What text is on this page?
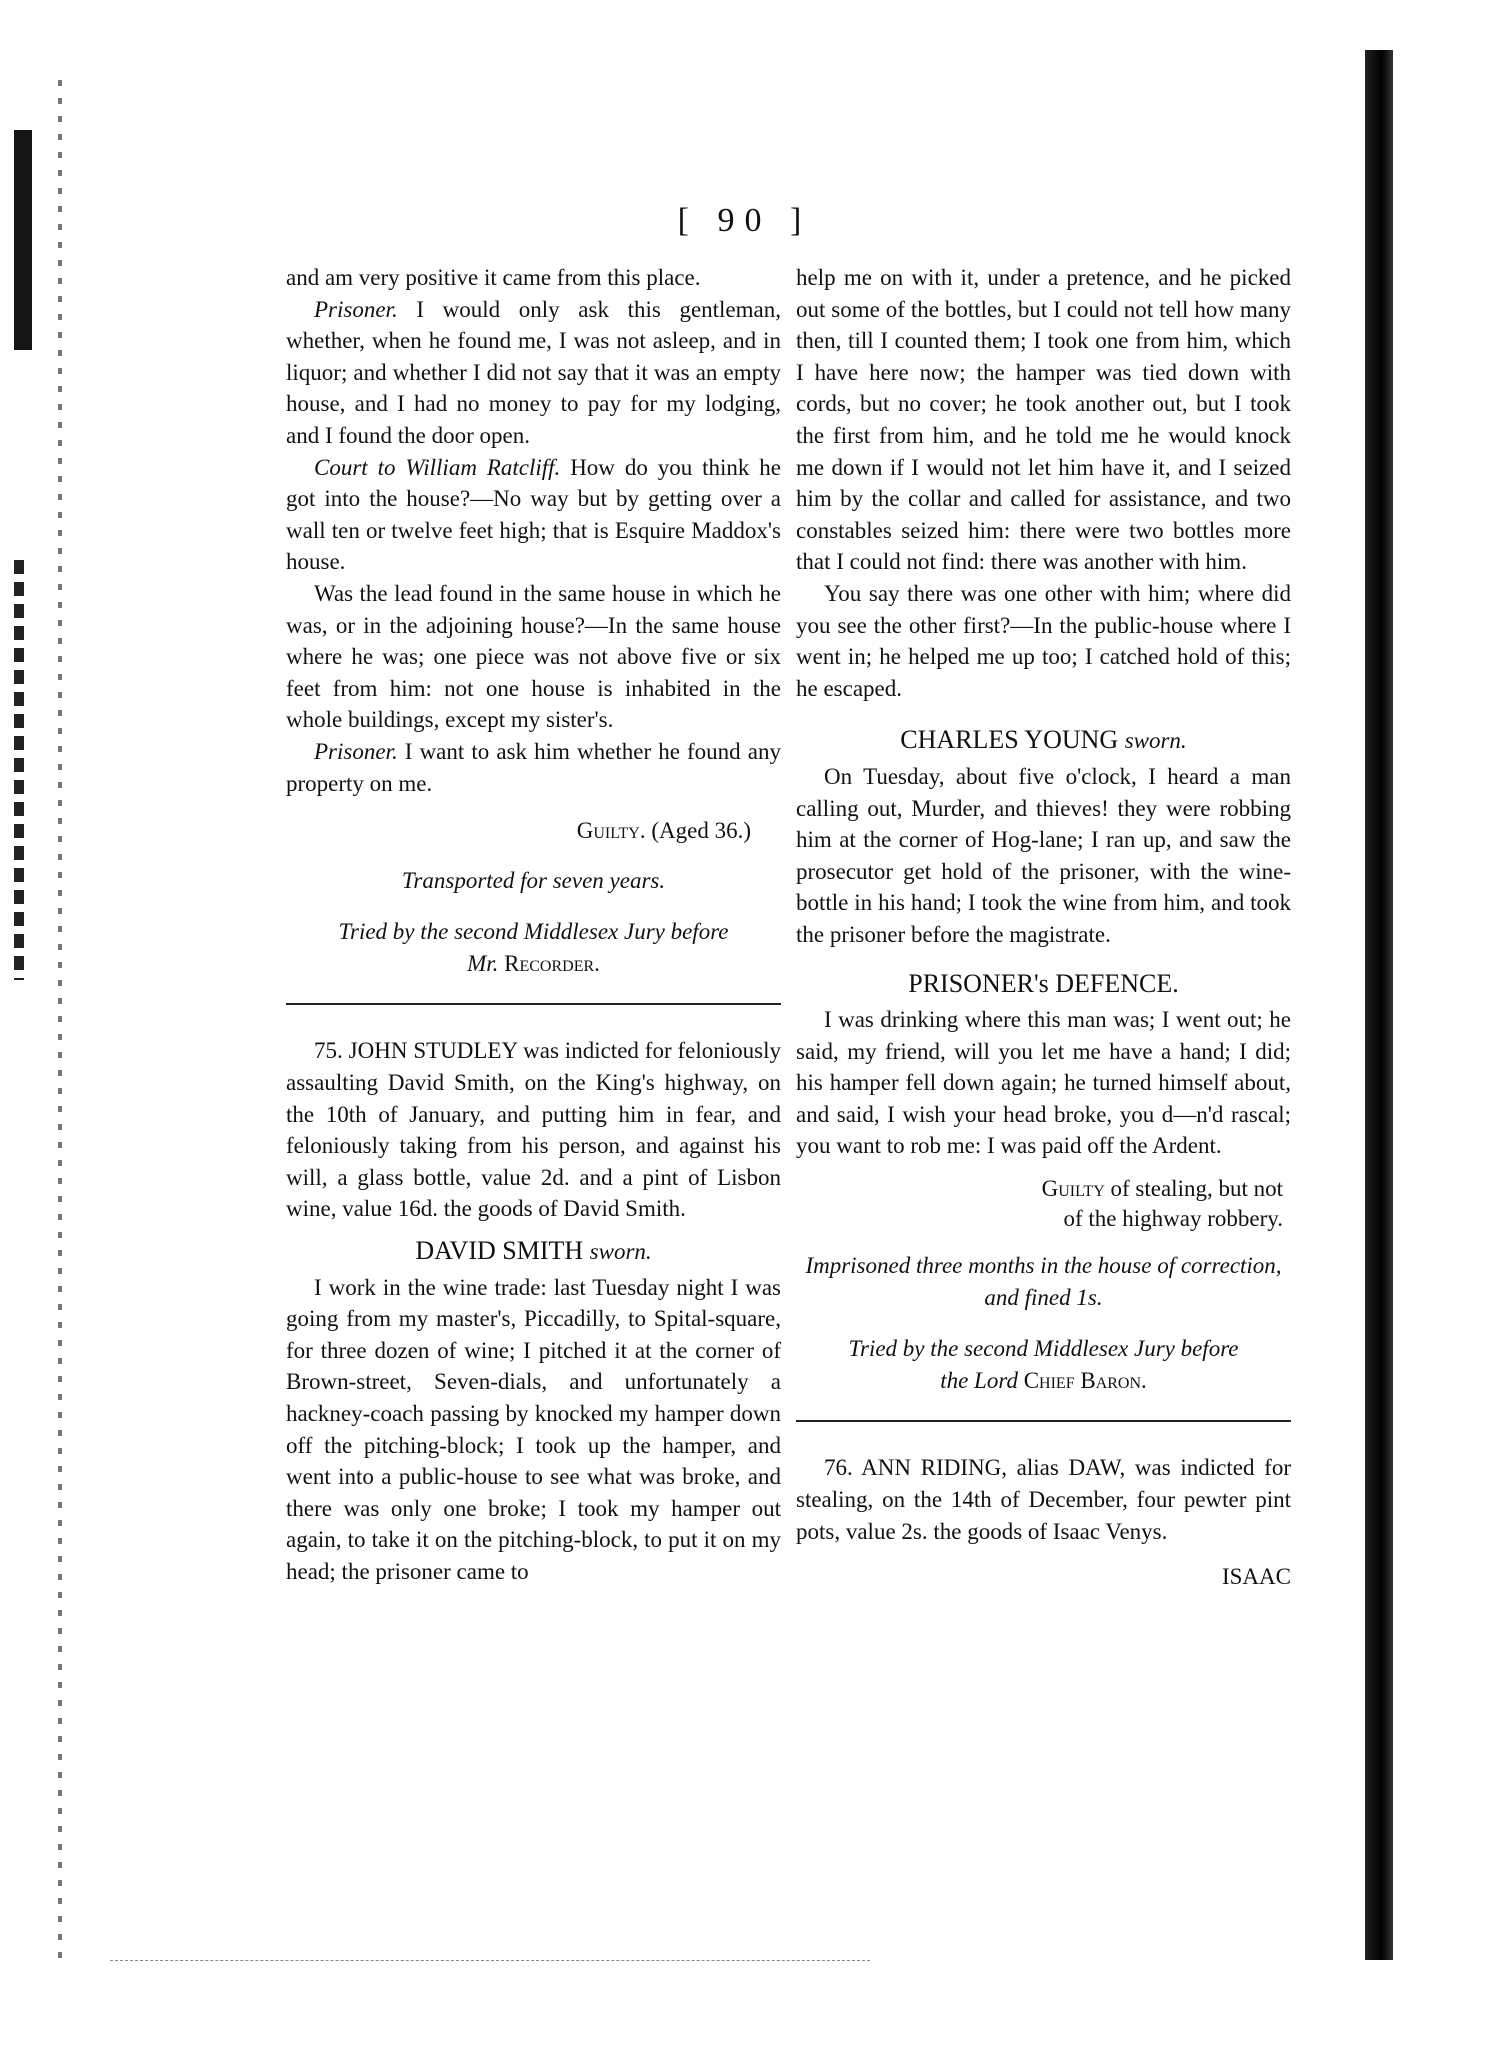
[ 90 ]

and am very positive it came from this place.

Prisoner. I would only ask this gentleman, whether, when he found me, I was not asleep, and in liquor; and whether I did not say that it was an empty house, and I had no money to pay for my lodging, and I found the door open.

Court to William Ratcliff. How do you think he got into the house?—No way but by getting over a wall ten or twelve feet high; that is Esquire Maddox's house.

Was the lead found in the same house in which he was, or in the adjoining house?—In the same house where he was; one piece was not above five or six feet from him: not one house is inhabited in the whole buildings, except my sister's.

Prisoner. I want to ask him whether he found any property on me.

Guilty. (Aged 36.)

Transported for seven years.

Tried by the second Middlesex Jury before
Mr. Recorder.

75. JOHN STUDLEY was indicted for feloniously assaulting David Smith, on the King's highway, on the 10th of January, and putting him in fear, and feloniously taking from his person, and against his will, a glass bottle, value 2d. and a pint of Lisbon wine, value 16d. the goods of David Smith.

DAVID SMITH sworn.

I work in the wine trade: last Tuesday night I was going from my master's, Piccadilly, to Spital-square, for three dozen of wine; I pitched it at the corner of Brown-street, Seven-dials, and unfortunately a hackney-coach passing by knocked my hamper down off the pitching-block; I took up the hamper, and went into a public-house to see what was broke, and there was only one broke; I took my hamper out again, to take it on the pitching-block, to put it on my head; the prisoner came to

help me on with it, under a pretence, and he picked out some of the bottles, but I could not tell how many then, till I counted them; I took one from him, which I have here now; the hamper was tied down with cords, but no cover; he took another out, but I took the first from him, and he told me he would knock me down if I would not let him have it, and I seized him by the collar and called for assistance, and two constables seized him: there were two bottles more that I could not find: there was another with him.

You say there was one other with him; where did you see the other first?—In the public-house where I went in; he helped me up too; I catched hold of this; he escaped.

CHARLES YOUNG sworn.

On Tuesday, about five o'clock, I heard a man calling out, Murder, and thieves! they were robbing him at the corner of Hog-lane; I ran up, and saw the prosecutor get hold of the prisoner, with the wine-bottle in his hand; I took the wine from him, and took the prisoner before the magistrate.

PRISONER's DEFENCE.

I was drinking where this man was; I went out; he said, my friend, will you let me have a hand; I did; his hamper fell down again; he turned himself about, and said, I wish your head broke, you d—n'd rascal; you want to rob me: I was paid off the Ardent.

Guilty of stealing, but not
of the highway robbery.

Imprisoned three months in the house of correction, and fined 1s.

Tried by the second Middlesex Jury before
the Lord Chief Baron.

76. ANN RIDING, alias DAW, was indicted for stealing, on the 14th of December, four pewter pint pots, value 2s. the goods of Isaac Venys.

ISAAC
